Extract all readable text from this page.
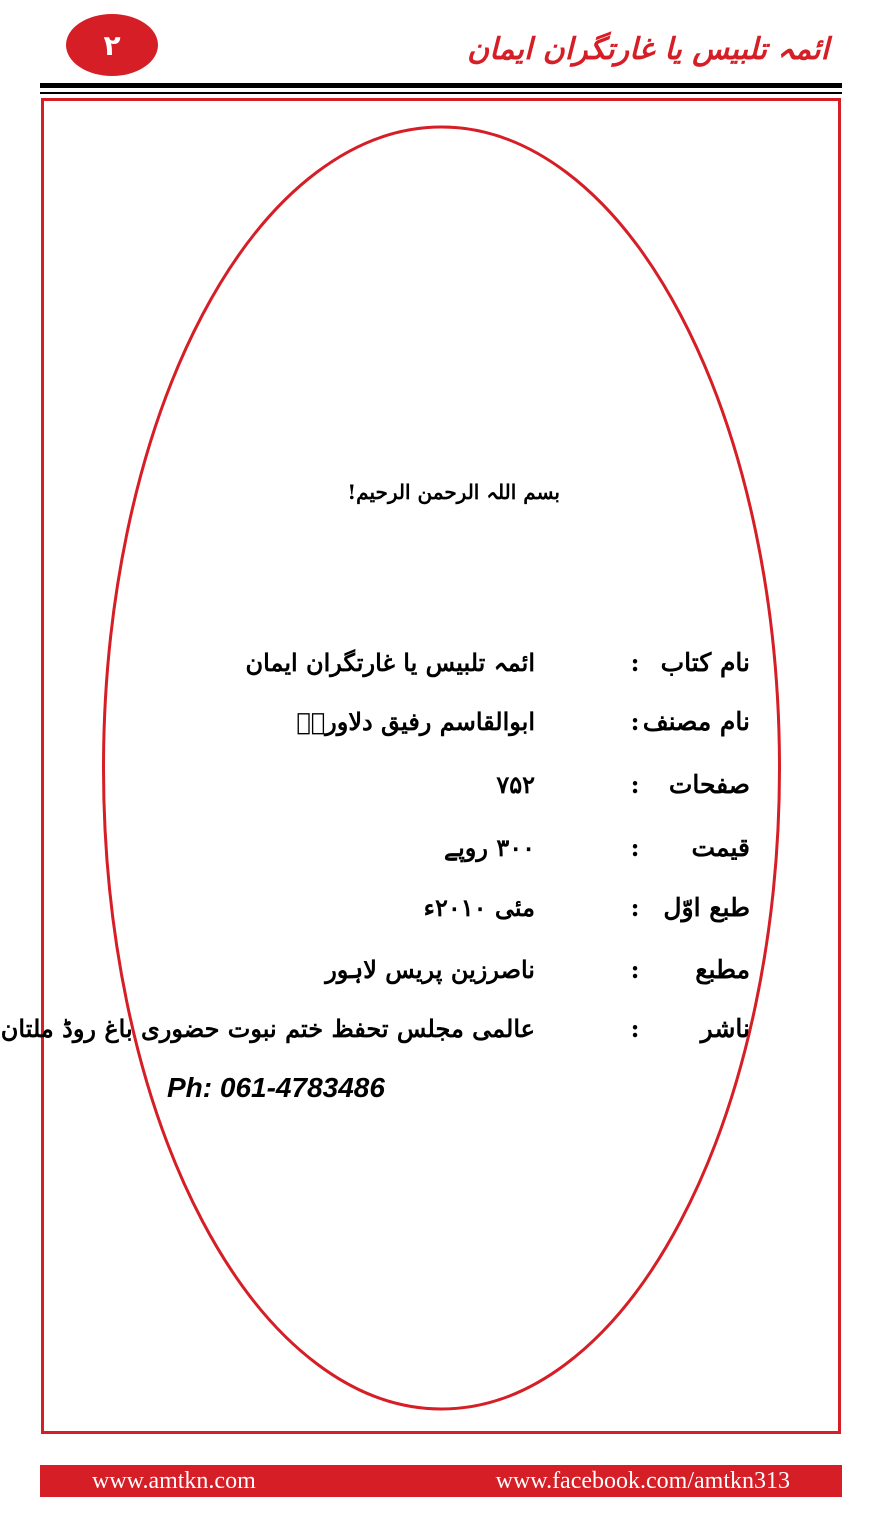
۲	ائمہ تلبیس یا غارتگران ایمان
بسم اللہ الرحمن الرحیم!
نام کتاب
:
ائمہ تلبیس یا غارتگران ایمان
نام مصنف
:
ابوالقاسم رفیق دلاوریؒ
صفحات
:
۷۵۲
قیمت
:
۳۰۰ روپے
طبع اوّل
:
مئی ۲۰۱۰ء
مطبع
:
ناصرزین پریس لاہور
ناشر
:
عالمی مجلس تحفظ ختم نبوت حضوری باغ روڈ ملتان
Ph: 061-4783486
www.amtkn.com	www.facebook.com/amtkn313
